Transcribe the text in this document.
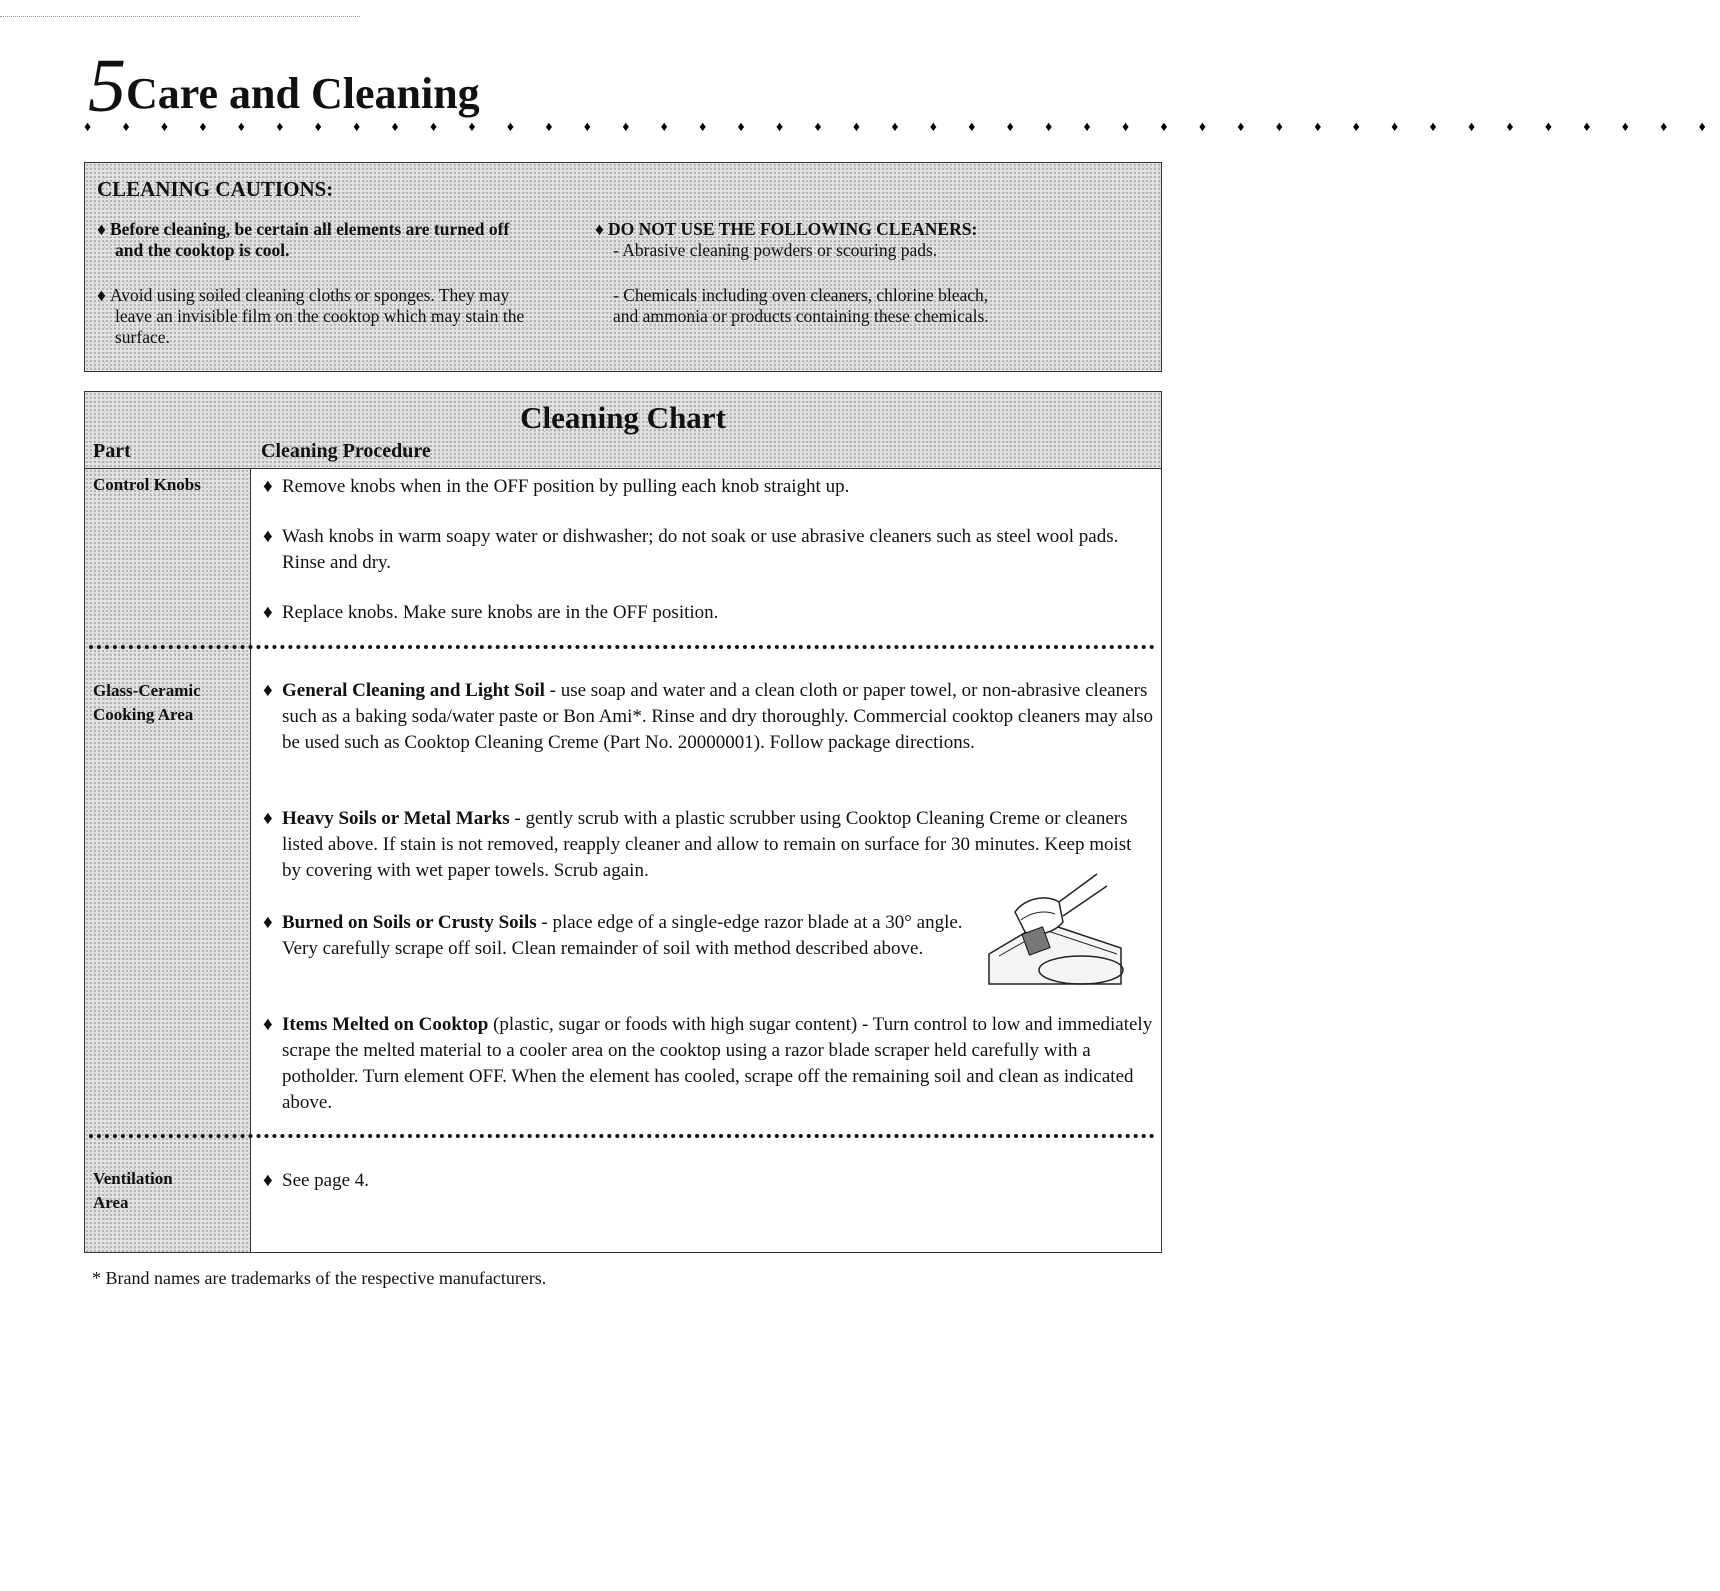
5 Care and Cleaning
♦ ♦ ♦ ♦ ♦ ♦ ♦ ♦ ♦ ♦ ♦ ♦ ♦ ♦ ♦ ♦ ♦ ♦ ♦ ♦ ♦ ♦ ♦ ♦ ♦ ♦ ♦ ♦ ♦ ♦ ♦ ♦ ♦ ♦ ♦ ♦ ♦ ♦ ♦ ♦ ♦ ♦ ♦
CLEANING CAUTIONS:
♦ Before cleaning, be certain all elements are turned off
and the cooktop is cool.
♦ Avoid using soiled cleaning cloths or sponges. They may
leave an invisible film on the cooktop which may stain the
surface.
♦ DO NOT USE THE FOLLOWING CLEANERS:
- Abrasive cleaning powders or scouring pads.
- Chemicals including oven cleaners, chlorine bleach,
and ammonia or products containing these chemicals.
Cleaning Chart
Part	Cleaning Procedure
Control Knobs
Glass-Ceramic
Cooking Area
Ventilation
Area
♦ Remove knobs when in the OFF position by pulling each knob straight up.
♦ Wash knobs in warm soapy water or dishwasher; do not soak or use abrasive cleaners such as steel wool pads. Rinse and dry.
♦ Replace knobs. Make sure knobs are in the OFF position.
♦ General Cleaning and Light Soil - use soap and water and a clean cloth or paper towel, or non-abrasive cleaners such as a baking soda/water paste or Bon Ami*. Rinse and dry thoroughly. Commercial cooktop cleaners may also be used such as Cooktop Cleaning Creme (Part No. 20000001). Follow package directions.
♦ Heavy Soils or Metal Marks - gently scrub with a plastic scrubber using Cooktop Cleaning Creme or cleaners listed above. If stain is not removed, reapply cleaner and allow to remain on surface for 30 minutes. Keep moist by covering with wet paper towels. Scrub again.
♦ Burned on Soils or Crusty Soils - place edge of a single-edge razor blade at a 30° angle. Very carefully scrape off soil. Clean remainder of soil with method described above.
♦ Items Melted on Cooktop (plastic, sugar or foods with high sugar content) - Turn control to low and immediately scrape the melted material to a cooler area on the cooktop using a razor blade scraper held carefully with a potholder. Turn element OFF. When the element has cooled, scrape off the remaining soil and clean as indicated above.
♦ See page 4.
* Brand names are trademarks of the respective manufacturers.
